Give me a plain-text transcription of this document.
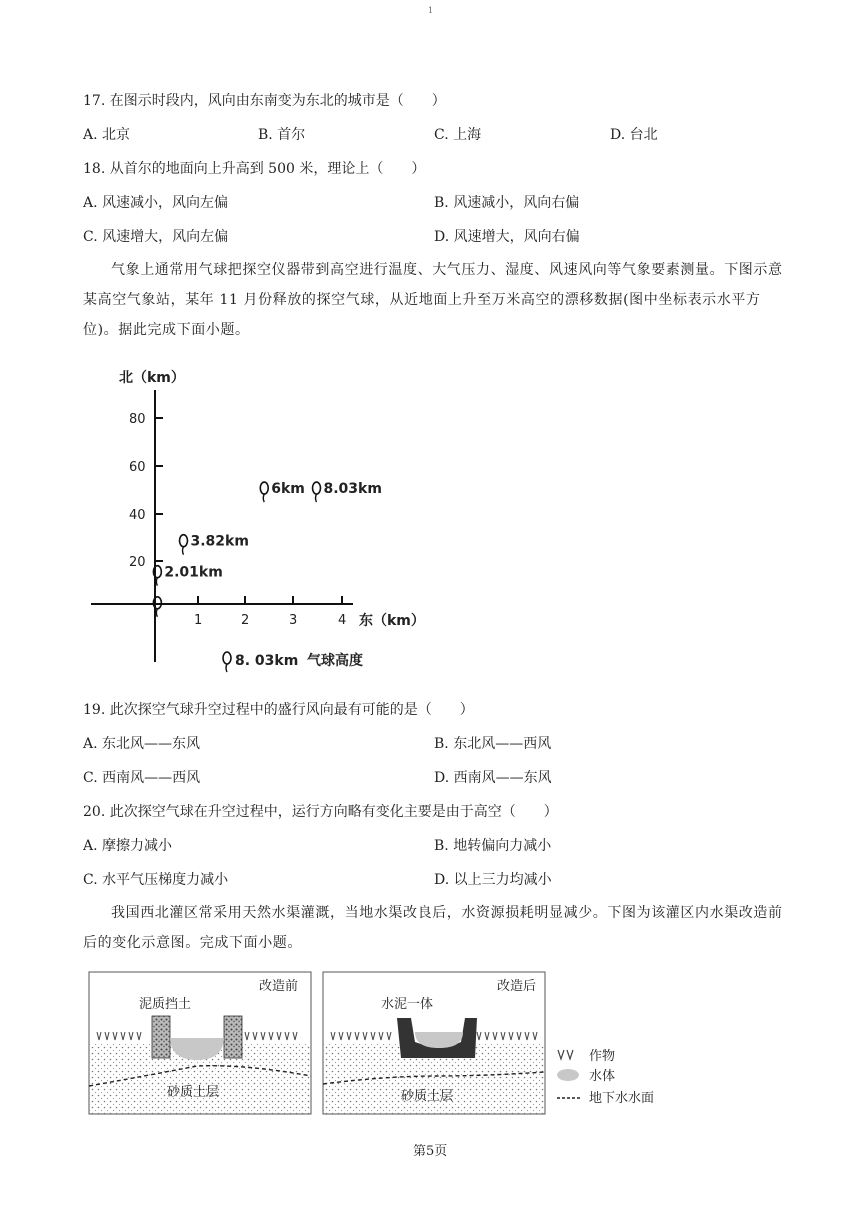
1
17. 在图示时段内，风向由东南变为东北的城市是（　　）
A. 北京	B. 首尔	C. 上海	D. 台北
18. 从首尔的地面向上升高到 500 米，理论上（　　）
A. 风速减小，风向左偏	B. 风速减小，风向右偏
C. 风速增大，风向左偏	D. 风速增大，风向右偏
气象上通常用气球把探空仪器带到高空进行温度、大气压力、湿度、风速风向等气象要素测量。下图示意某高空气象站，某年 11 月份释放的探空气球，从近地面上升至万米高空的漂移数据(图中坐标表示水平方位)。据此完成下面小题。
北（km）
东（km）
80
60
40
20
1	2	3	4
2.01km
3.82km
6km 8.03km
8. 03km 气球高度
19. 此次探空气球升空过程中的盛行风向最有可能的是（　　）
A. 东北风——东风	B. 东北风——西风
C. 西南风——西风	D. 西南风——东风
20. 此次探空气球在升空过程中，运行方向略有变化主要是由于高空（　　）
A. 摩擦力减小	B. 地转偏向力减小
C. 水平气压梯度力减小	D. 以上三力均减小
我国西北灌区常采用天然水渠灌溉，当地水渠改良后，水资源损耗明显减少。下图为该灌区内水渠改造前后的变化示意图。完成下面小题。
改造前
泥质挡土
砂质土层
改造后
水泥一体
砂质土层
作物
水体
地下水水面
第5页
